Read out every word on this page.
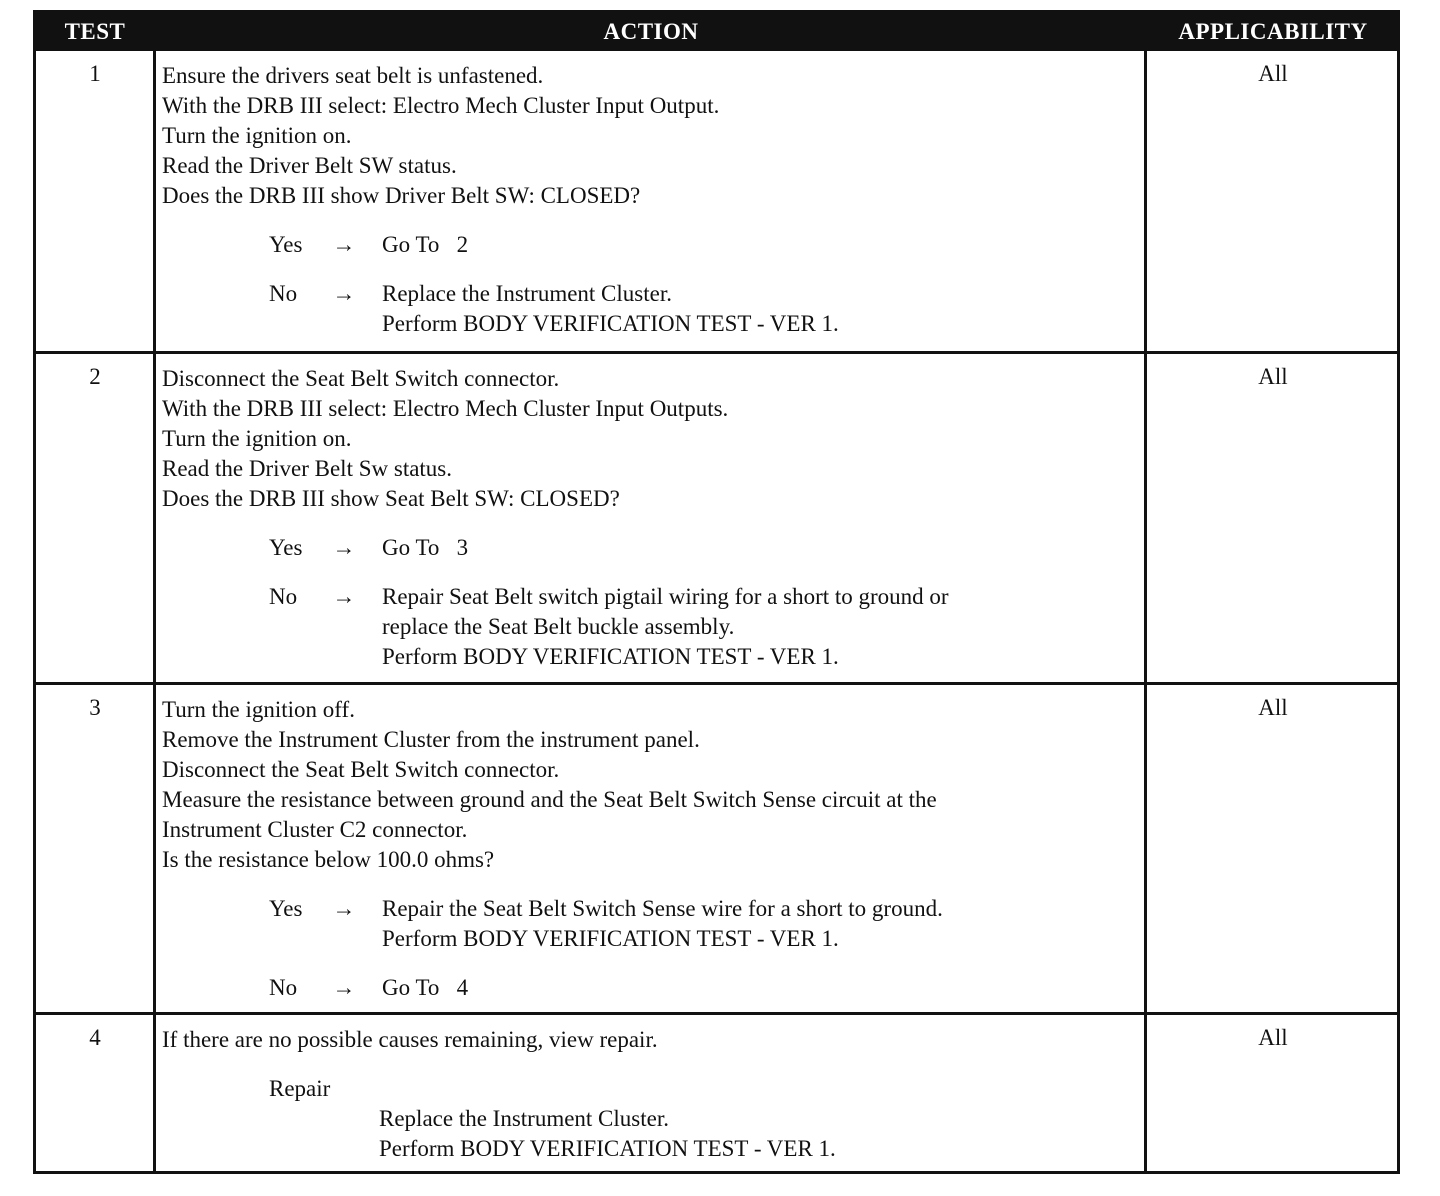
TEST	ACTION	APPLICABILITY
1	Ensure the drivers seat belt is unfastened.
With the DRB III select: Electro Mech Cluster Input Output.
Turn the ignition on.
Read the Driver Belt SW status.
Does the DRB III show Driver Belt SW: CLOSED?
Yes	→ Go To   2
No	→ Replace the Instrument Cluster.
Perform BODY VERIFICATION TEST - VER 1.
All
2	Disconnect the Seat Belt Switch connector.
With the DRB III select: Electro Mech Cluster Input Outputs.
Turn the ignition on.
Read the Driver Belt Sw status.
Does the DRB III show Seat Belt SW: CLOSED?
Yes	→ Go To   3
No	→ Repair Seat Belt switch pigtail wiring for a short to ground or
replace the Seat Belt buckle assembly.
Perform BODY VERIFICATION TEST - VER 1.
All
3	Turn the ignition off.
Remove the Instrument Cluster from the instrument panel.
Disconnect the Seat Belt Switch connector.
Measure the resistance between ground and the Seat Belt Switch Sense circuit at the
Instrument Cluster C2 connector.
Is the resistance below 100.0 ohms?
Yes	→ Repair the Seat Belt Switch Sense wire for a short to ground.
Perform BODY VERIFICATION TEST - VER 1.
No	→ Go To   4
All
4	If there are no possible causes remaining, view repair.
Repair
Replace the Instrument Cluster.
Perform BODY VERIFICATION TEST - VER 1.
All
